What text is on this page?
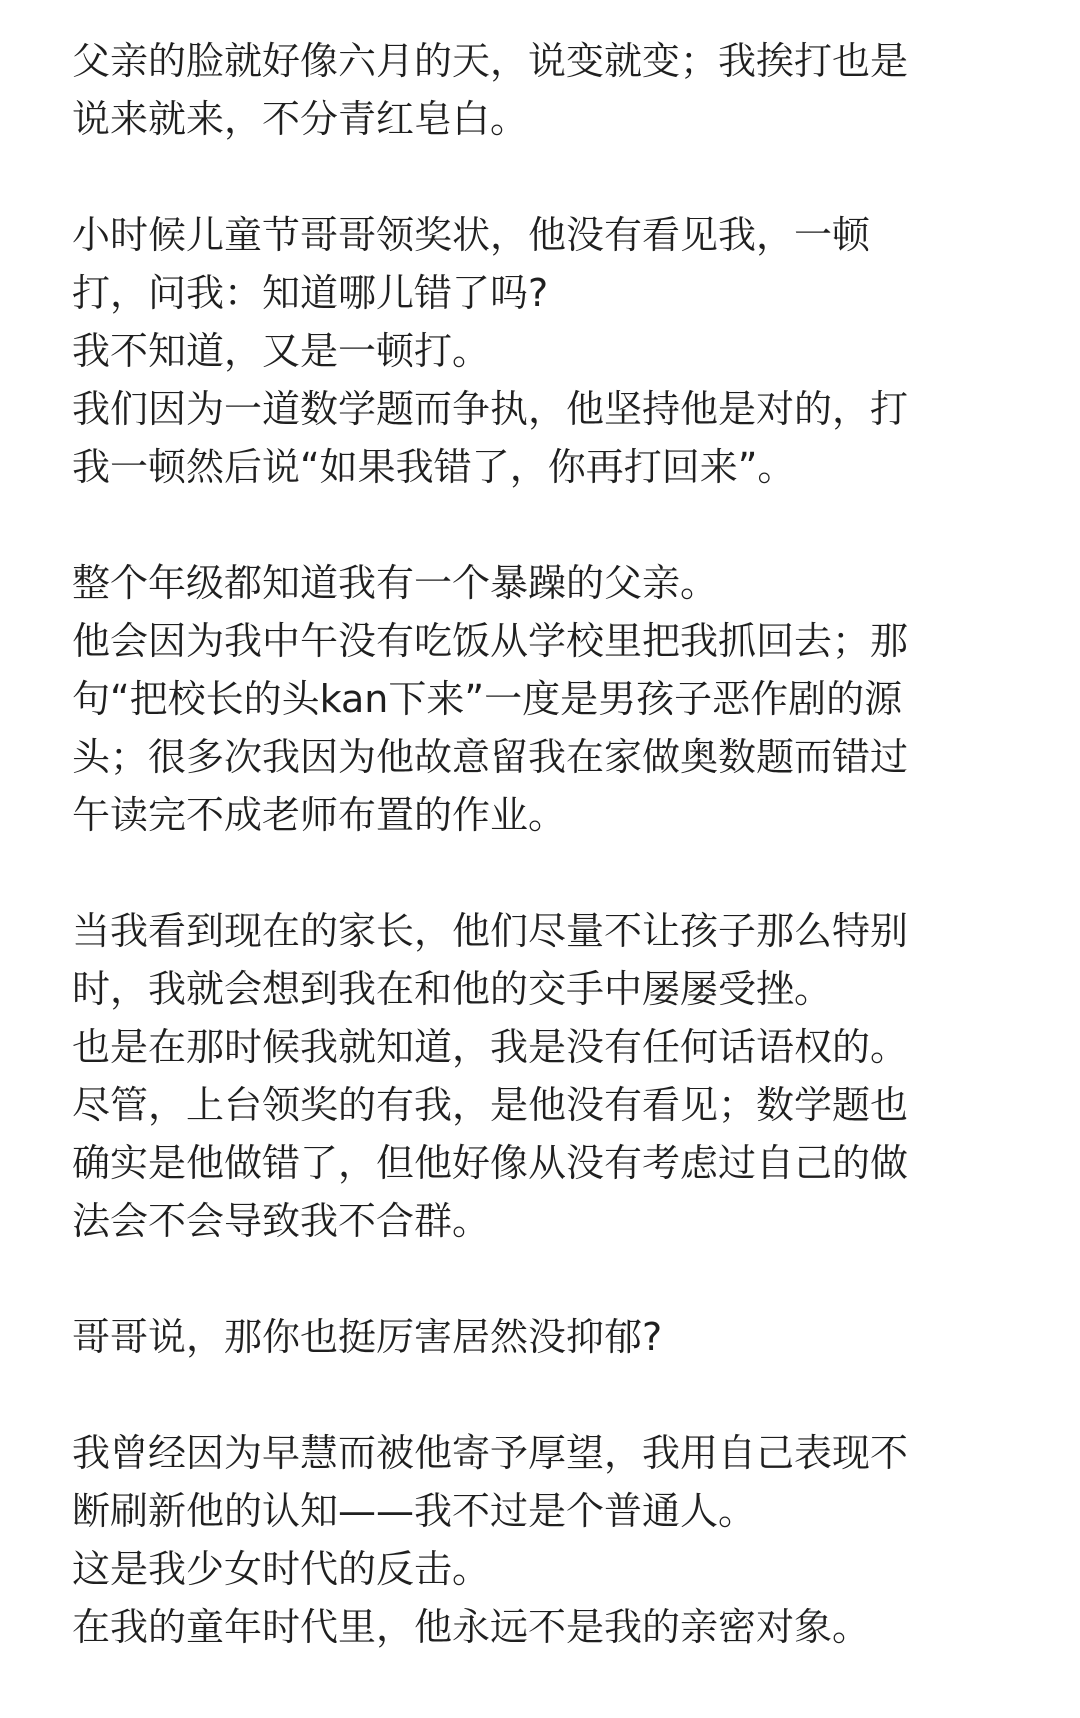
父亲的脸就好像六月的天，说变就变；我挨打也是
说来就来，不分青红皂白。
小时候儿童节哥哥领奖状，他没有看见我，一顿
打，问我：知道哪儿错了吗?
我不知道，又是一顿打。
我们因为一道数学题而争执，他坚持他是对的，打
我一顿然后说“如果我错了，你再打回来”。
整个年级都知道我有一个暴躁的父亲。
他会因为我中午没有吃饭从学校里把我抓回去；那
句“把校长的头kan下来”一度是男孩子恶作剧的源
头；很多次我因为他故意留我在家做奥数题而错过
午读完不成老师布置的作业。
当我看到现在的家长，他们尽量不让孩子那么特别
时，我就会想到我在和他的交手中屡屡受挫。
也是在那时候我就知道，我是没有任何话语权的。
尽管，上台领奖的有我，是他没有看见；数学题也
确实是他做错了，但他好像从没有考虑过自己的做
法会不会导致我不合群。
哥哥说，那你也挺厉害居然没抑郁?
我曾经因为早慧而被他寄予厚望，我用自己表现不
断刷新他的认知——我不过是个普通人。
这是我少女时代的反击。
在我的童年时代里，他永远不是我的亲密对象。
